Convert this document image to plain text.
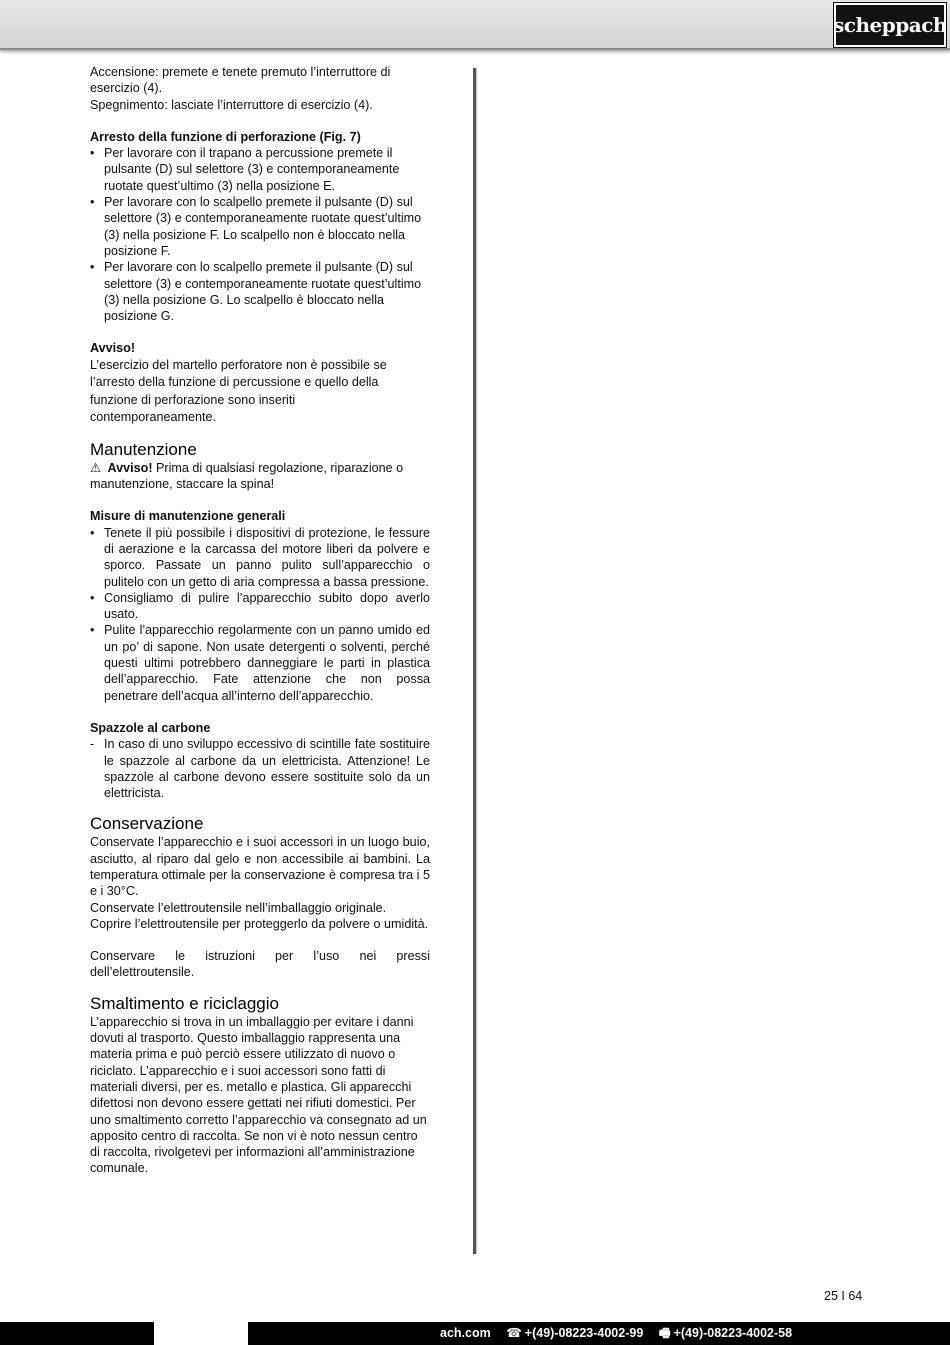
scheppach

Accensione: premete e tenete premuto l’interruttore di esercizio (4).

Spegnimento: lasciate l’interruttore di esercizio (4).

Arresto della funzione di perforazione (Fig. 7)

• Per lavorare con il trapano a percussione premete il pulsante (D) sul selettore (3) e contemporaneamente ruotate quest’ultimo (3) nella posizione E.
• Per lavorare con lo scalpello premete il pulsante (D) sul selettore (3) e contemporaneamente ruotate quest’ultimo (3) nella posizione F. Lo scalpello non è bloccato nella posizione F.
• Per lavorare con lo scalpello premete il pulsante (D) sul selettore (3) e contemporaneamente ruotate quest’ultimo (3) nella posizione G. Lo scalpello è bloccato nella posizione G.

Avviso!

L’esercizio del martello perforatore non è possibile se l’arresto della funzione di percussione e quello della funzione di perforazione sono inseriti contemporaneamente.

Manutenzione

⚠ Avviso! Prima di qualsiasi regolazione, riparazione o manutenzione, staccare la spina!

Misure di manutenzione generali

• Tenete il più possibile i dispositivi di protezione, le fessure di aerazione e la carcassa del motore liberi da polvere e sporco. Passate un panno pulito sull’apparecchio o pulitelo con un getto di aria compressa a bassa pressione.
• Consigliamo di pulire l’apparecchio subito dopo averlo usato.
• Pulite l’apparecchio regolarmente con un panno umido ed un po’ di sapone. Non usate detergenti o solventi, perché questi ultimi potrebbero danneggiare le parti in plastica dell’apparecchio. Fate attenzione che non possa penetrare dell’acqua all’interno dell’apparecchio.

Spazzole al carbone

- In caso di uno sviluppo eccessivo di scintille fate sostituire le spazzole al carbone da un elettricista. Attenzione! Le spazzole al carbone devono essere sostituite solo da un elettricista.
Conservazione

Conservate l’apparecchio e i suoi accessori in un luogo buio, asciutto, al riparo dal gelo e non accessibile ai bambini. La temperatura ottimale per la conservazione è compresa tra i 5 e i 30°C.

Conservate l’elettroutensile nell’imballaggio originale.

Coprire l’elettroutensile per proteggerlo da polvere o umidità.

Conservare le istruzioni per l’uso nei pressi dell’elettroutensile.

Smaltimento e riciclaggio

L’apparecchio si trova in un imballaggio per evitare i danni dovuti al trasporto. Questo imballaggio rappresenta una materia prima e può perciò essere utilizzato di nuovo o riciclato. L’apparecchio e i suoi accessori sono fatti di materiali diversi, per es. metallo e plastica. Gli apparecchi difettosi non devono essere gettati nei rifiuti domestici. Per uno smaltimento corretto l’apparecchio va consegnato ad un apposito centro di raccolta. Se non vi è noto nessun centro di raccolta, rivolgetevi per informazioni all’amministrazione comunale.

25 I 64
ach.com ☎ +(49)-08223-4002-99 🖷 +(49)-08223-4002-58
